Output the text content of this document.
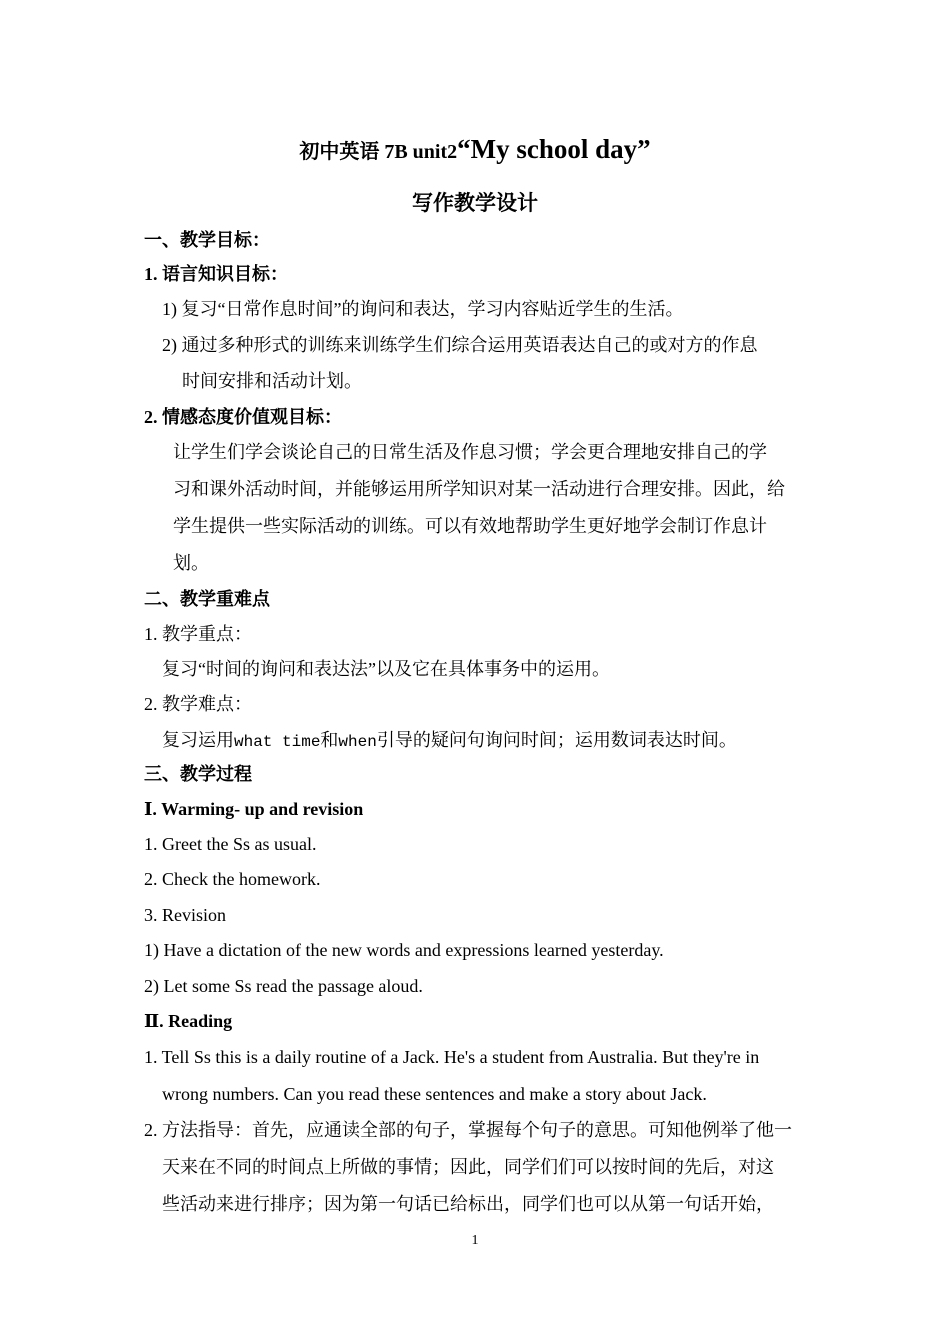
初中英语 7B unit2“My school day”
写作教学设计
一、教学目标：
1. 语言知识目标：
1) 复习“日常作息时间”的询问和表达，学习内容贴近学生的生活。
2) 通过多种形式的训练来训练学生们综合运用英语表达自己的或对方的作息
时间安排和活动计划。
2. 情感态度价值观目标：
让学生们学会谈论自己的日常生活及作息习惯；学会更合理地安排自己的学
习和课外活动时间，并能够运用所学知识对某一活动进行合理安排。因此，给
学生提供一些实际活动的训练。可以有效地帮助学生更好地学会制订作息计
划。
二、教学重难点
1. 教学重点：
复习“时间的询问和表达法”以及它在具体事务中的运用。
2. 教学难点：
复习运用what time和when引导的疑问句询问时间；运用数词表达时间。
三、教学过程
Ⅰ. Warming- up and revision
1. Greet the Ss as usual.
2. Check the homework.
3. Revision
1) Have a dictation of the new words and expressions learned yesterday.
2) Let some Ss read the passage aloud.
Ⅱ. Reading
1. Tell Ss this is a daily routine of a Jack. He's a student from Australia. But they're in
wrong numbers. Can you read these sentences and make a story about Jack.
2. 方法指导：首先，应通读全部的句子，掌握每个句子的意思。可知他例举了他一
天来在不同的时间点上所做的事情；因此，同学们们可以按时间的先后，对这
些活动来进行排序；因为第一句话已给标出，同学们也可以从第一句话开始，
1
